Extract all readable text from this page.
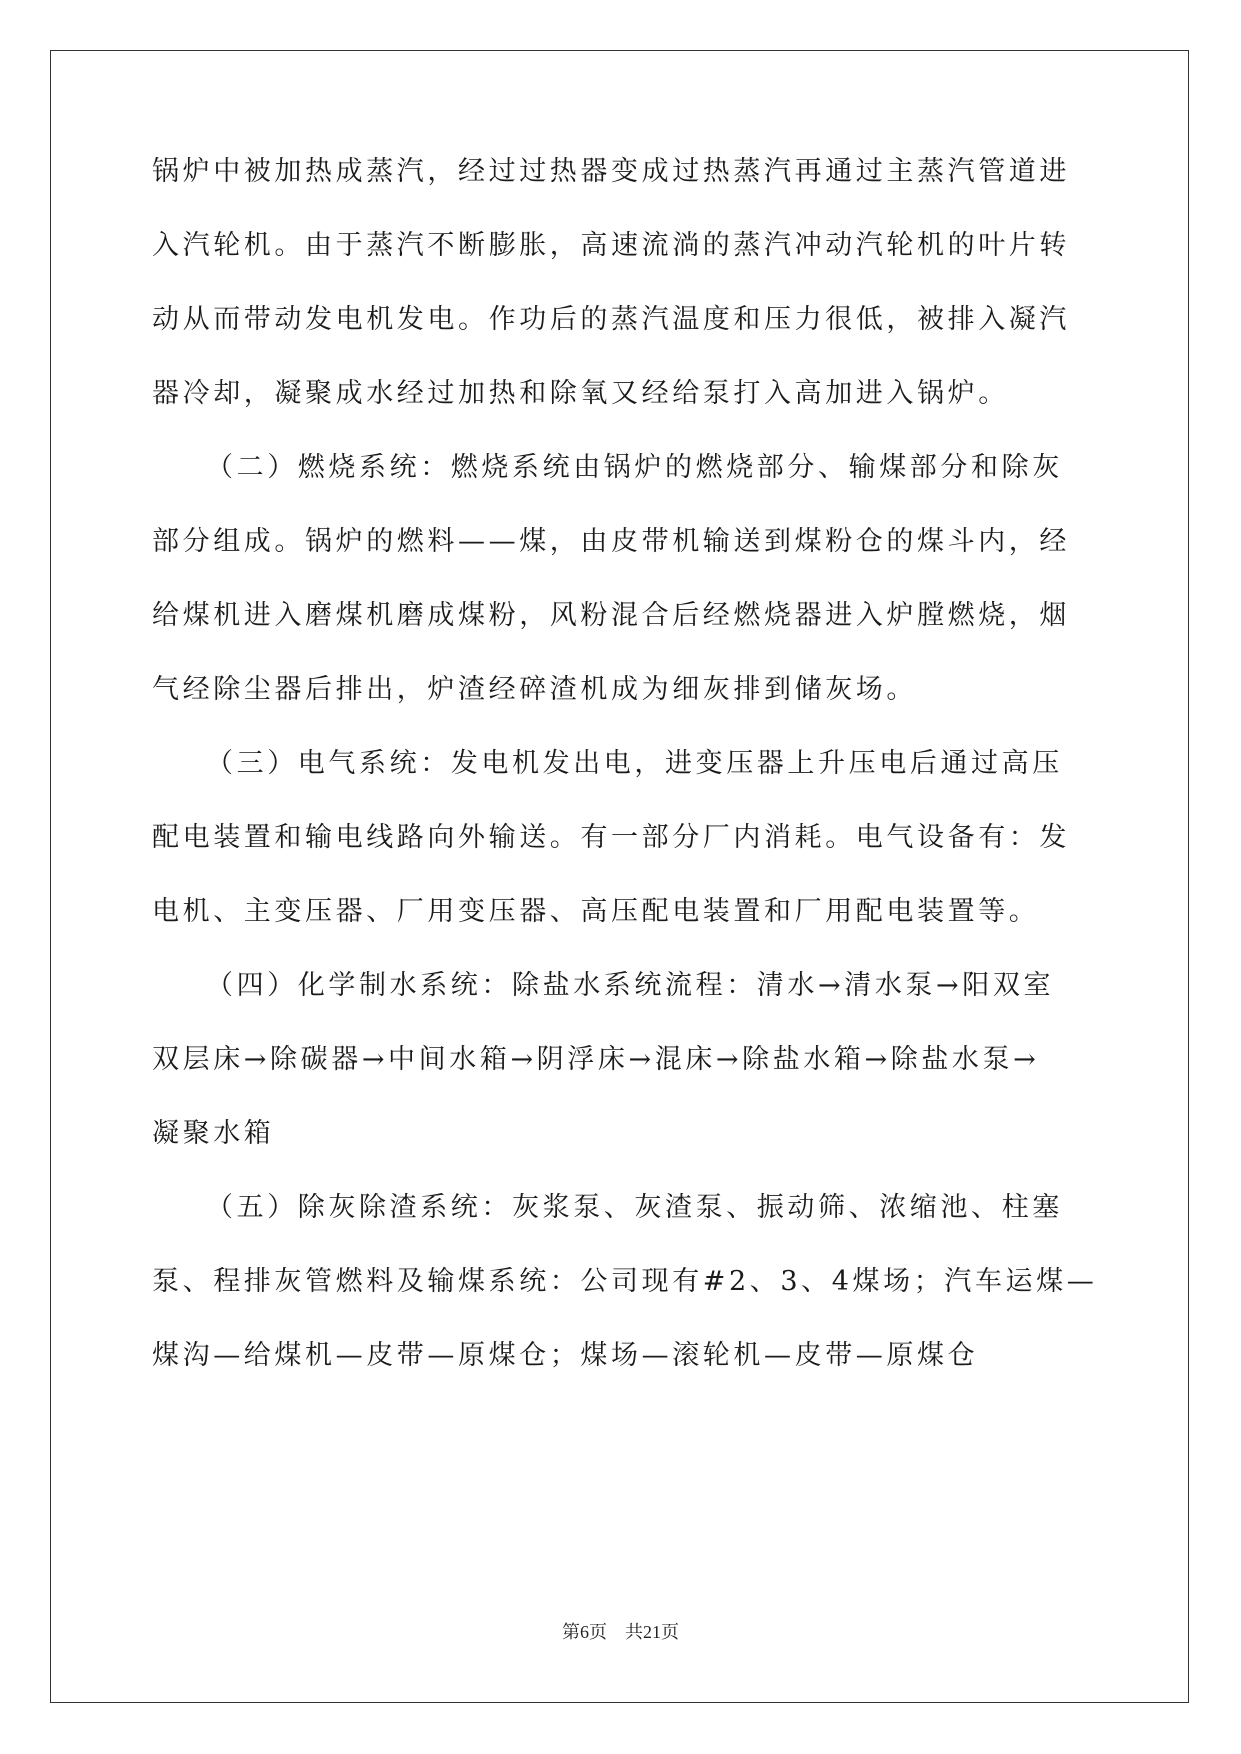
锅炉中被加热成蒸汽，经过过热器变成过热蒸汽再通过主蒸汽管道进
入汽轮机。由于蒸汽不断膨胀，高速流淌的蒸汽冲动汽轮机的叶片转
动从而带动发电机发电。作功后的蒸汽温度和压力很低，被排入凝汽
器冷却，凝聚成水经过加热和除氧又经给泵打入高加进入锅炉。
（二）燃烧系统：燃烧系统由锅炉的燃烧部分、输煤部分和除灰
部分组成。锅炉的燃料——煤，由皮带机输送到煤粉仓的煤斗内，经
给煤机进入磨煤机磨成煤粉，风粉混合后经燃烧器进入炉膛燃烧，烟
气经除尘器后排出，炉渣经碎渣机成为细灰排到储灰场。
（三）电气系统：发电机发出电，进变压器上升压电后通过高压
配电装置和输电线路向外输送。有一部分厂内消耗。电气设备有：发
电机、主变压器、厂用变压器、高压配电装置和厂用配电装置等。
（四）化学制水系统：除盐水系统流程：清水→清水泵→阳双室
双层床→除碳器→中间水箱→阴浮床→混床→除盐水箱→除盐水泵→
凝聚水箱
（五）除灰除渣系统：灰浆泵、灰渣泵、振动筛、浓缩池、柱塞
泵、程排灰管燃料及输煤系统：公司现有#2、3、4煤场；汽车运煤—
煤沟—给煤机—皮带—原煤仓；煤场—滚轮机—皮带—原煤仓
第6页　共21页
